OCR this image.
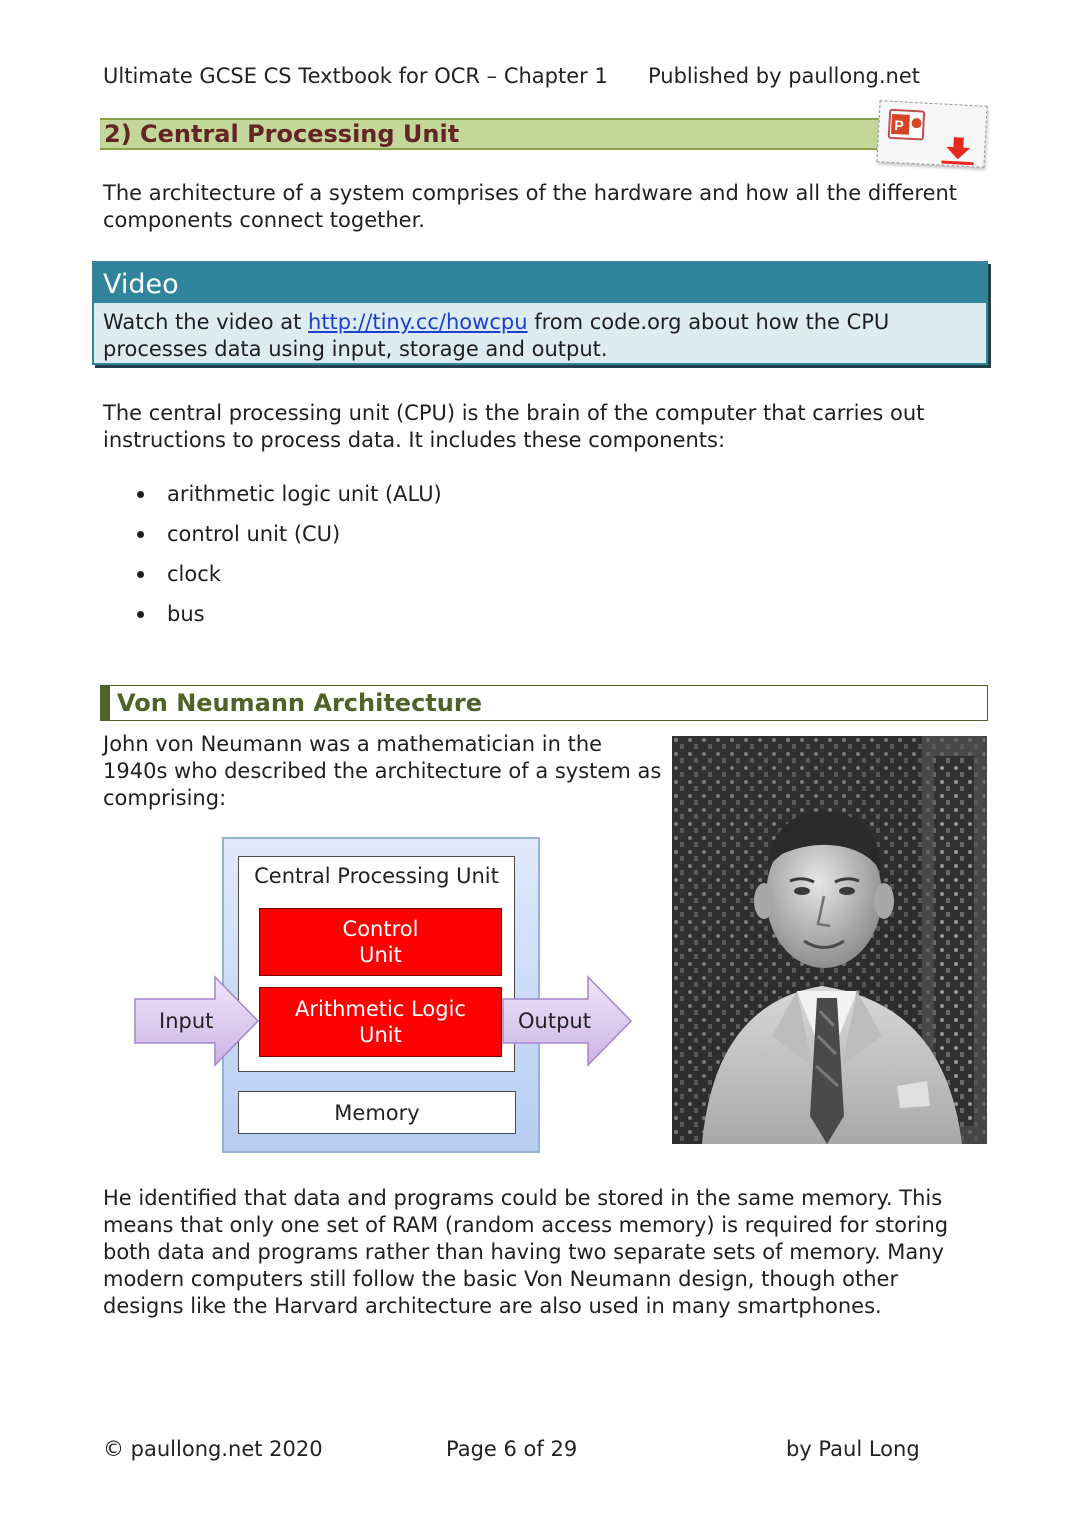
Ultimate GCSE CS Textbook for OCR – Chapter 1 Published by paullong.net
2) Central Processing Unit	P
The architecture of a system comprises of the hardware and how all the different
components connect together.
Video
Watch the video at http://tiny.cc/howcpu from code.org about how the CPU
processes data using input, storage and output.
The central processing unit (CPU) is the brain of the computer that carries out
instructions to process data. It includes these components:
arithmetic logic unit (ALU)
control unit (CU)
clock
bus
Von Neumann Architecture
John von Neumann was a mathematician in the
1940s who described the architecture of a system as
comprising:
Central Processing Unit
Input	Output
Control Unit
Arithmetic Logic Unit
Memory
He identified that data and programs could be stored in the same memory. This
means that only one set of RAM (random access memory) is required for storing
both data and programs rather than having two separate sets of memory. Many
modern computers still follow the basic Von Neumann design, though other
designs like the Harvard architecture are also used in many smartphones.
© paullong.net 2020	Page 6 of 29	by Paul Long
